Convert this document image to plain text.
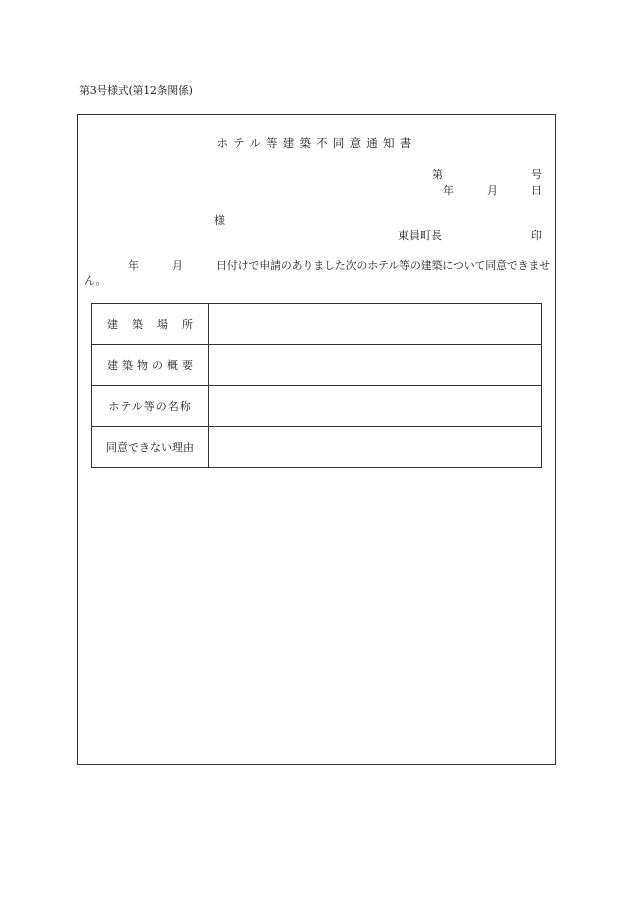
第3号様式(第12条関係)
ホテル等建築不同意通知書
第	号
年	月	日
様
東員町長	印
年	月	日付けで申請のありました次のホテル等の建築について同意できませ
ん。
建築場所	
建築物の概要	
ホテル等の名称	
同意できない理由	
